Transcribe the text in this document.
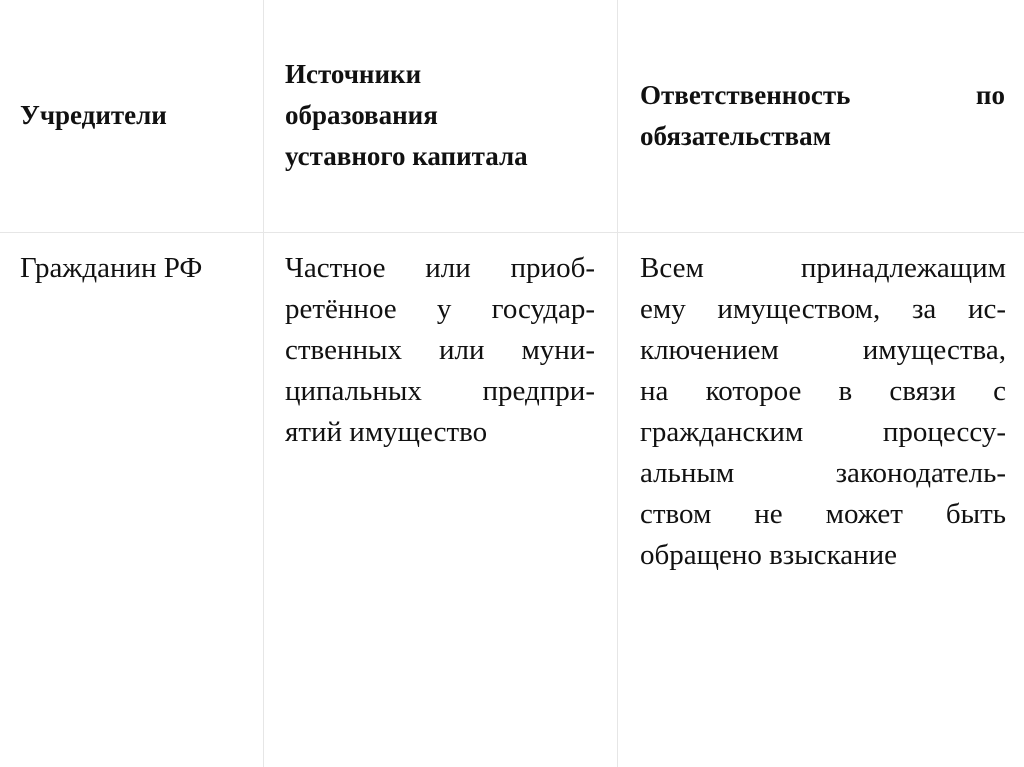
Учредители
Источники
образования
уставного капитала
Ответственность по
обязательствам
Гражданин РФ	Частное или приоб-
ретённое у государ-
ственных или муни-
ципальных предпри-
ятий имущество
Всем принадлежащим
ему имуществом, за ис-
ключением имущества,
на которое в связи с
гражданским процессу-
альным законодатель-
ством не может быть
обращено взыскание
